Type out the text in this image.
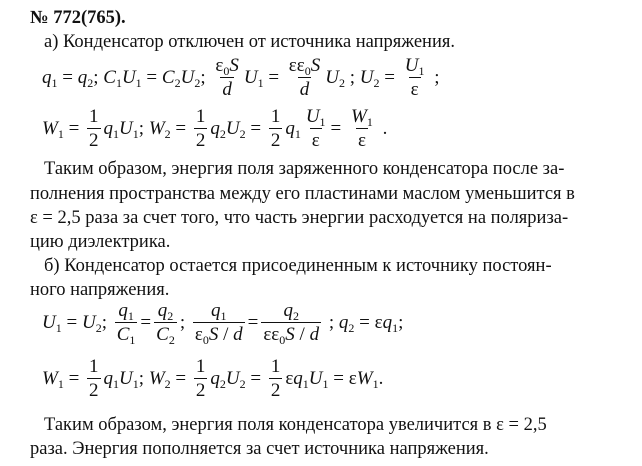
№ 772(765).
а) Конденсатор отключен от источника напряжения.
$q_1 = q_2$; $C_1U_1 = C_2U_2$;
$\varepsilon_0S$
d
$U_1 = \frac{\varepsilon\varepsilon_0S}{d} U_2$ ; $U_2 = \frac{U_1}{\varepsilon}$ ;
$W_1 = \frac{1}{2} q_1U_1$; $W_2 = \frac{1}{2} q_2U_2 = \frac{1}{2} q_1 \frac{U_1}{\varepsilon} = \frac{W_1}{\varepsilon}$ .
Таким образом, энергия поля заряженного конденсатора после за-
полнения пространства между его пластинами маслом уменьшится в
ε = 2,5 раза за счет того, что часть энергии расходуется на поляриза-
цию диэлектрика.
б) Конденсатор остается присоединенным к источнику постоян-
ного напряжения.
$U_1 = U_2$; $\frac{q_1}{C_1} = \frac{q_2}{C_2}$ ; $\frac{q_1}{\varepsilon_0S / d} = \frac{q_2}{\varepsilon\varepsilon_0S / d}$ ; $q_2 = \varepsilon q_1$;
$W_1 = \frac{1}{2} q_1U_1$; $W_2 = \frac{1}{2} q_2U_2 = \frac{1}{2} \varepsilon q_1U_1 = \varepsilon W_1$.
Таким образом, энергия поля конденсатора увеличится в ε = 2,5
раза. Энергия пополняется за счет источника напряжения.
